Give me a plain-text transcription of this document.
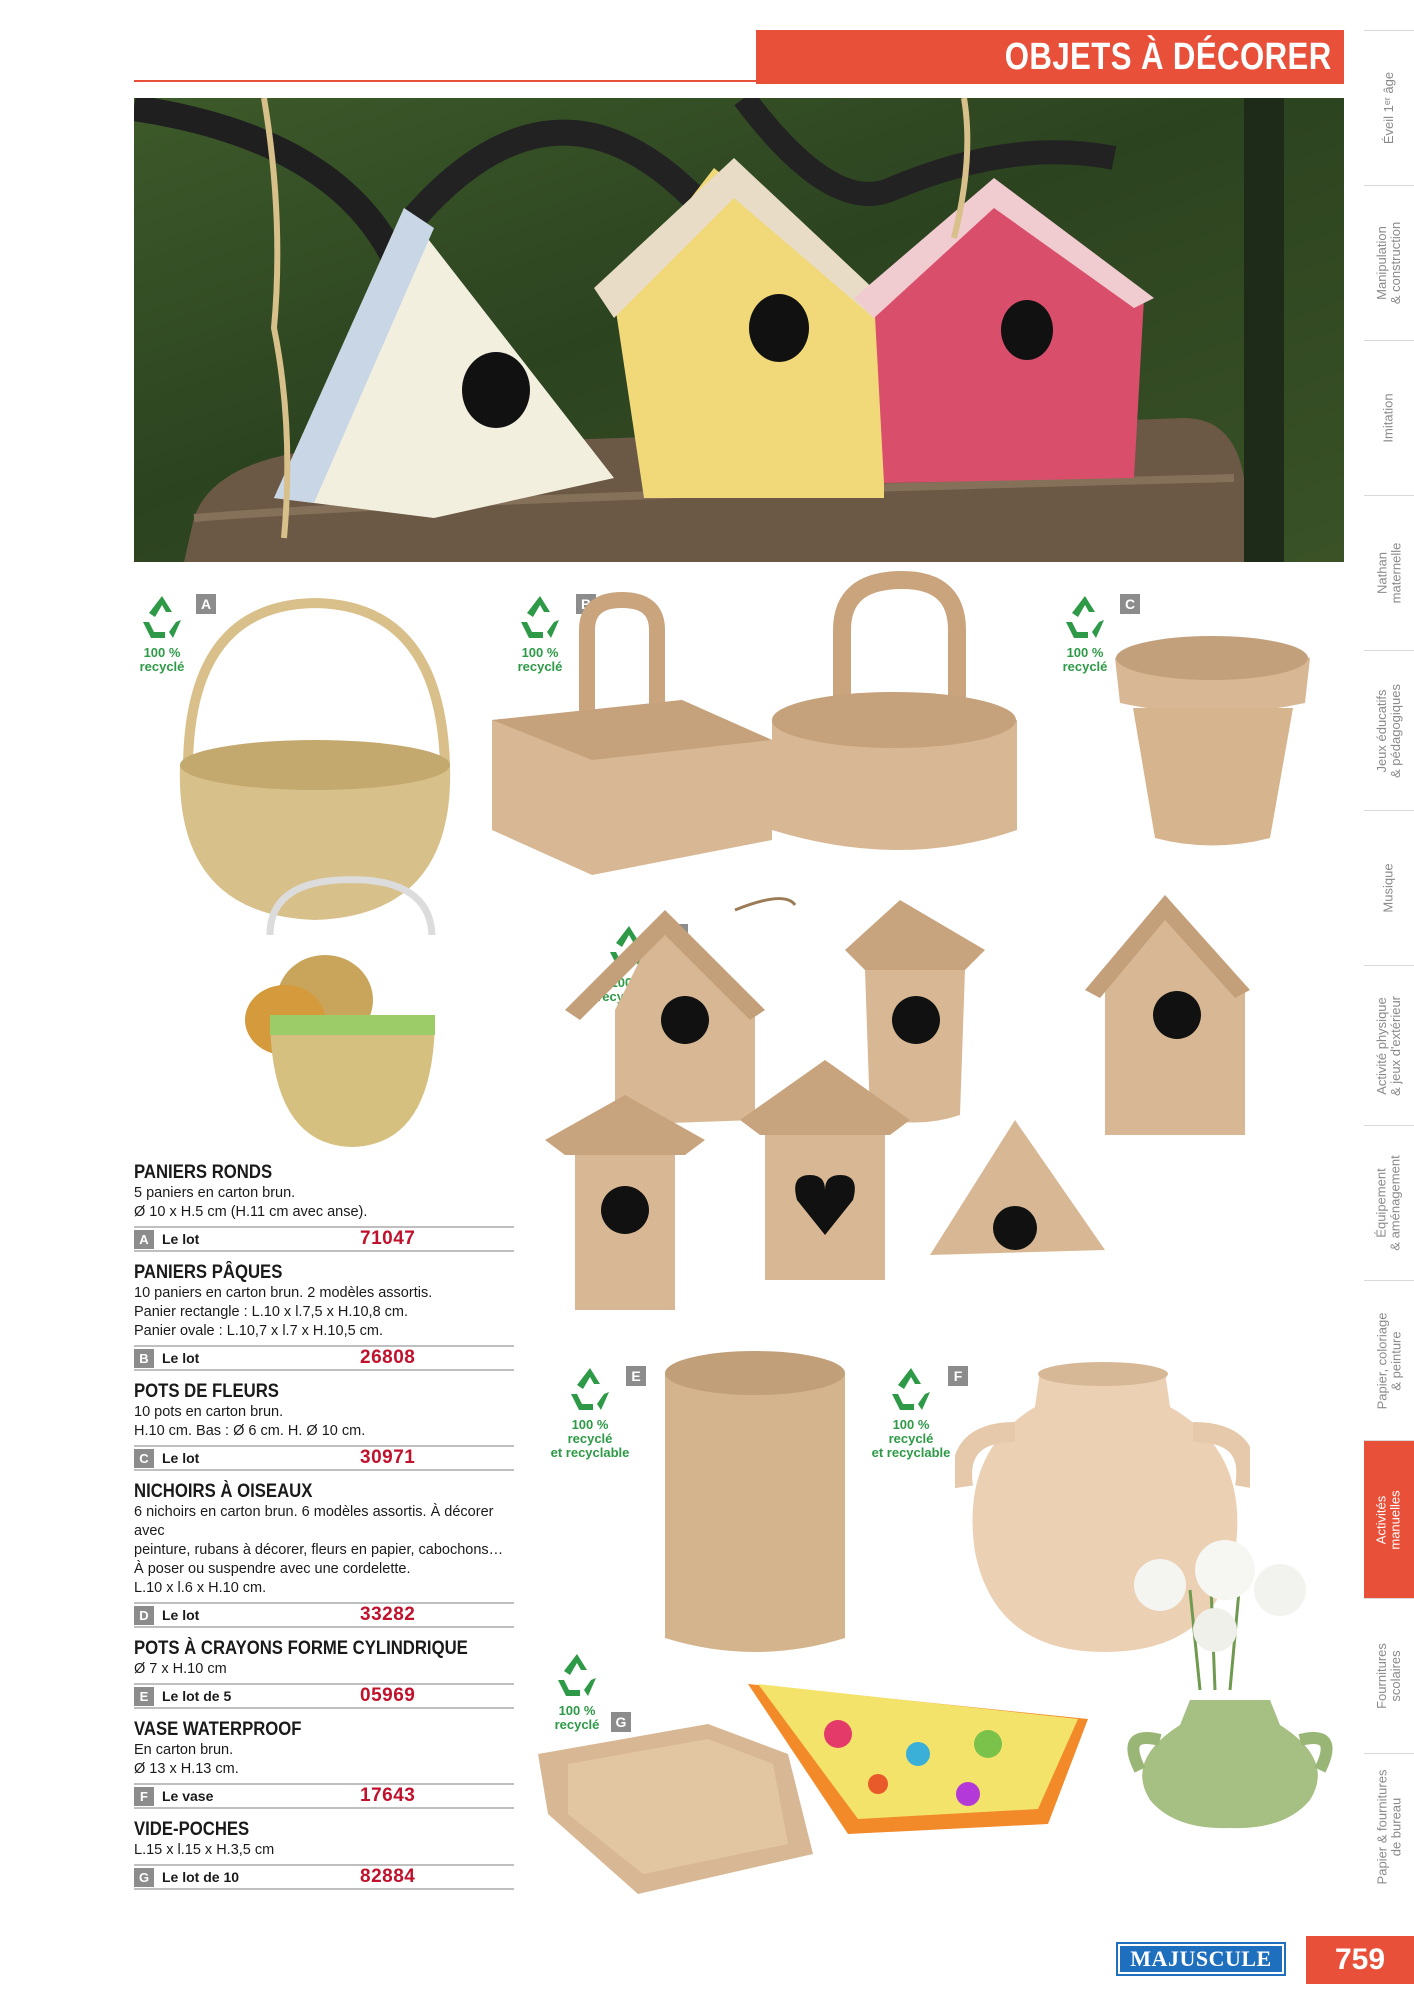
OBJETS À DÉCORER
Éveil 1ᵉʳ âge
Manipulation
& construction
Imitation
Nathan
maternelle
Jeux éducatifs
& pédagogiques
Musique
Activité physique
& jeux d'extérieur
Équipement
& aménagement
Papier, coloriage
& peinture
Activités
manuelles
Fournitures
scolaires
Papier & fournitures
de bureau
100 %
recyclé
A
100 %
recyclé
B
100 %
recyclé
C
100
100 %
recyclé
et recyclable
E
100 %
recyclé
et recyclable
F
100 %
recyclé	G
PANIERS RONDS

5 paniers en carton brun.
Ø 10 x H.5 cm (H.11 cm avec anse).

A Le lot	71047
PANIERS PÂQUES

10 paniers en carton brun. 2 modèles assortis.
Panier rectangle : L.10 x l.7,5 x H.10,8 cm.
Panier ovale : L.10,7 x l.7 x H.10,5 cm.

B Le lot	26808
POTS DE FLEURS

10 pots en carton brun.
H.10 cm. Bas : Ø 6 cm. H. Ø 10 cm.

C Le lot	30971
NICHOIRS À OISEAUX

6 nichoirs en carton brun. 6 modèles assortis. À décorer avec
peinture, rubans à décorer, fleurs en papier, cabochons…
À poser ou suspendre avec une cordelette.
L.10 x l.6 x H.10 cm.

D Le lot	33282
POTS À CRAYONS FORME CYLINDRIQUE

Ø 7 x H.10 cm

E Le lot de 5	05969
VASE WATERPROOF

En carton brun.
Ø 13 x H.13 cm.

F	Le vase	17643
VIDE-POCHES

L.15 x l.15 x H.3,5 cm

G Le lot de 10	82884
MAJUSCULE	759
